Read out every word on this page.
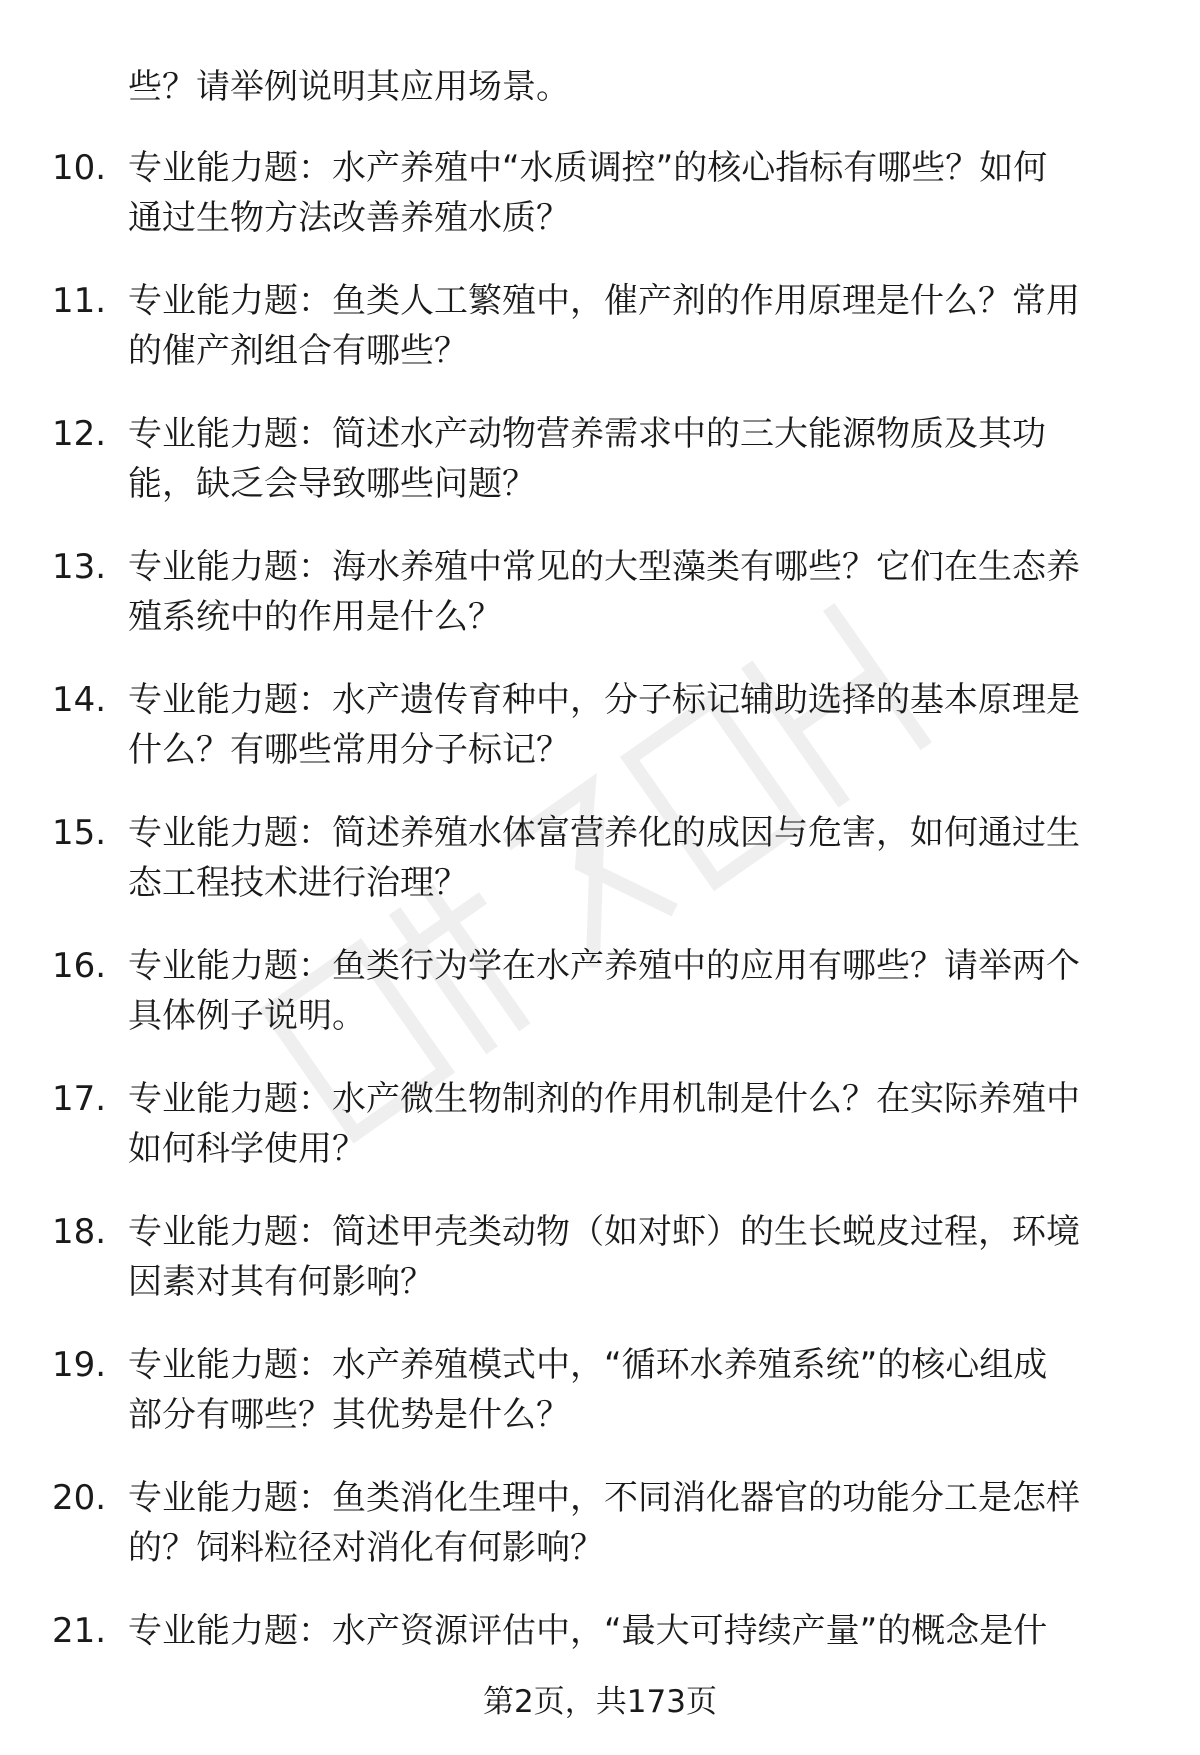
些？请举例说明其应用场景。
10. 专业能力题：水产养殖中“水质调控”的核心指标有哪些？如何
通过生物方法改善养殖水质？
11. 专业能力题：鱼类人工繁殖中，催产剂的作用原理是什么？常用
的催产剂组合有哪些？
12. 专业能力题：简述水产动物营养需求中的三大能源物质及其功
能，缺乏会导致哪些问题？
13. 专业能力题：海水养殖中常见的大型藻类有哪些？它们在生态养
殖系统中的作用是什么？
14. 专业能力题：水产遗传育种中，分子标记辅助选择的基本原理是
什么？有哪些常用分子标记？
15. 专业能力题：简述养殖水体富营养化的成因与危害，如何通过生
态工程技术进行治理？
16. 专业能力题：鱼类行为学在水产养殖中的应用有哪些？请举两个
具体例子说明。
17. 专业能力题：水产微生物制剂的作用机制是什么？在实际养殖中
如何科学使用？
18. 专业能力题：简述甲壳类动物（如对虾）的生长蜕皮过程，环境
因素对其有何影响？
19. 专业能力题：水产养殖模式中，“循环水养殖系统”的核心组成
部分有哪些？其优势是什么？
20. 专业能力题：鱼类消化生理中，不同消化器官的功能分工是怎样
的？饲料粒径对消化有何影响？
21. 专业能力题：水产资源评估中，“最大可持续产量”的概念是什
第2页，共173页
